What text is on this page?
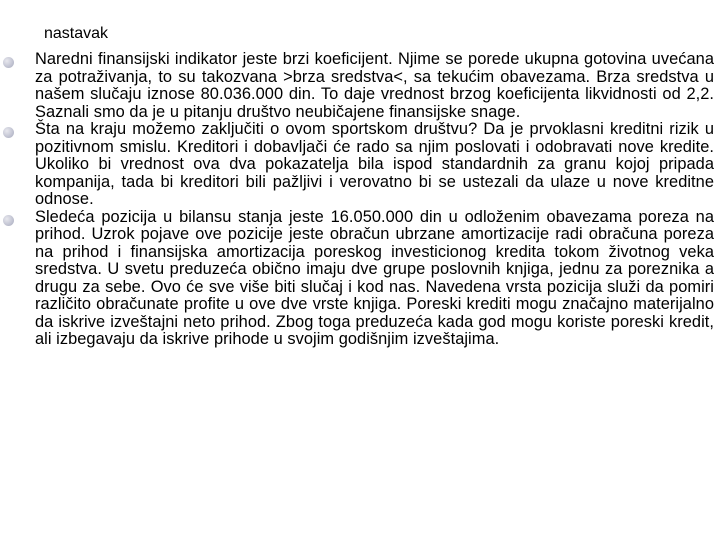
nastavak
Naredni finansijski indikator jeste brzi koeficijent. Njime se porede ukupna gotovina uvećana za potraživanja, to su takozvana >brza sredstva<, sa tekućim obavezama. Brza sredstva u našem slučaju iznose 80.036.000 din. To daje vrednost brzog koeficijenta likvidnosti od 2,2. Saznali smo da je u pitanju društvo neubičajene finansijske snage.
Šta na kraju možemo zaključiti o ovom sportskom društvu? Da je prvoklasni kreditni rizik u pozitivnom smislu. Kreditori i dobavljači će rado sa njim poslovati i odobravati nove kredite. Ukoliko bi vrednost ova dva pokazatelja bila ispod standardnih za granu kojoj pripada kompanija, tada bi kreditori bili pažljivi i verovatno bi se ustezali da ulaze u nove kreditne odnose.
Sledeća pozicija u bilansu stanja jeste 16.050.000 din u odloženim obavezama poreza na prihod. Uzrok pojave ove pozicije jeste obračun ubrzane amortizacije radi obračuna poreza na prihod i finansijska amortizacija poreskog investicionog kredita tokom životnog veka sredstva. U svetu preduzeća obično imaju dve grupe poslovnih knjiga, jednu za poreznika a drugu za sebe. Ovo će sve više biti slučaj i kod nas. Navedena vrsta pozicija služi da pomiri različito obračunate profite u ove dve vrste knjiga. Poreski krediti mogu značajno materijalno da iskrive izveštajni neto prihod. Zbog toga preduzeća kada god mogu koriste poreski kredit, ali izbegavaju da iskrive prihode u svojim godišnjim izveštajima.
